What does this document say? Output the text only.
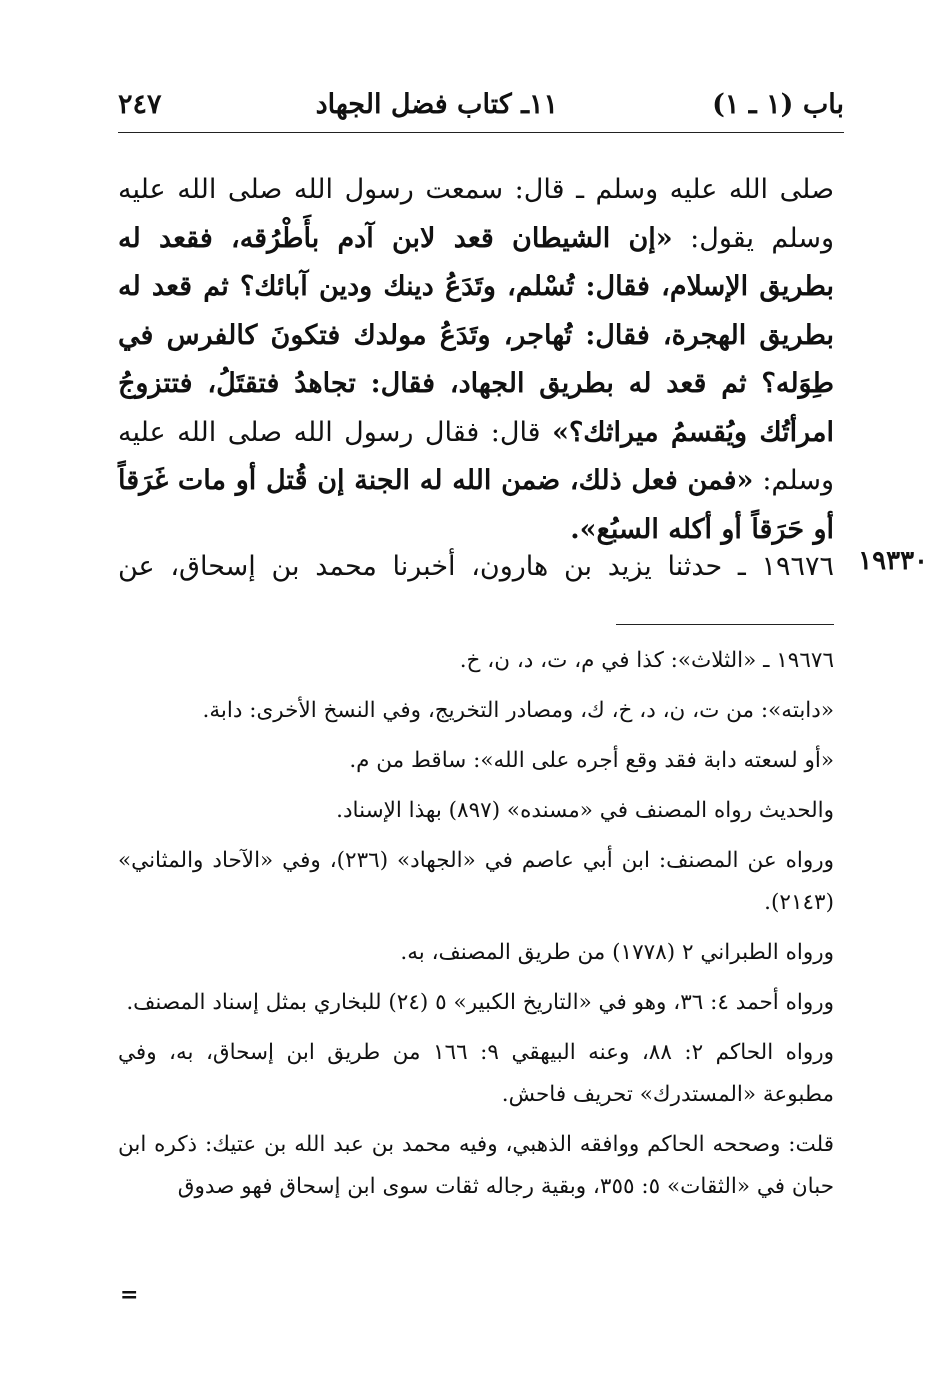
٢٤٧	١١ـ كتاب فضل الجهاد	باب (١ ـ ١)
صلى الله عليه وسلم ـ قال: سمعت رسول الله صلى الله عليه وسلم يقول: «إن الشيطان قعد لابن آدم بأَطْرُقه، فقعد له بطريق الإسلام، فقال: تُسْلم، وتَدَعُ دينك ودين آبائك؟ ثم قعد له بطريق الهجرة، فقال: تُهاجر، وتَدَعُ مولدك فتكونَ كالفرس في طِوَله؟ ثم قعد له بطريق الجهاد، فقال: تجاهدُ فتقتَلُ، فتتزوجُ امرأتُك ويُقسمُ ميراثك؟» قال: فقال رسول الله صلى الله عليه وسلم: «فمن فعل ذلك، ضمن الله له الجنة إن قُتل أو مات غَرَقاً أو حَرَقاً أو أكله السبُع».
١٩٦٧٦ ـ حدثنا يزيد بن هارون، أخبرنا محمد بن إسحاق، عن ١٩٣٣٠

١٩٦٧٦ ـ «الثلاث»: كذا في م، ت، د، ن، خ.

«دابته»: من ت، ن، د، خ، ك، ومصادر التخريج، وفي النسخ الأخرى: دابة.

«أو لسعته دابة فقد وقع أجره على الله»: ساقط من م.

والحديث رواه المصنف في «مسنده» (٨٩٧) بهذا الإسناد.

ورواه عن المصنف: ابن أبي عاصم في «الجهاد» (٢٣٦)، وفي «الآحاد والمثاني» (٢١٤٣).

ورواه الطبراني ٢ (١٧٧٨) من طريق المصنف، به.

ورواه أحمد ٤: ٣٦، وهو في «التاريخ الكبير» ٥ (٢٤) للبخاري بمثل إسناد المصنف.

ورواه الحاكم ٢: ٨٨، وعنه البيهقي ٩: ١٦٦ من طريق ابن إسحاق، به، وفي مطبوعة «المستدرك» تحريف فاحش.

قلت: وصححه الحاكم ووافقه الذهبي، وفيه محمد بن عبد الله بن عتيك: ذكره ابن حبان في «الثقات» ٥: ٣٥٥، وبقية رجاله ثقات سوى ابن إسحاق فهو صدوق

=
